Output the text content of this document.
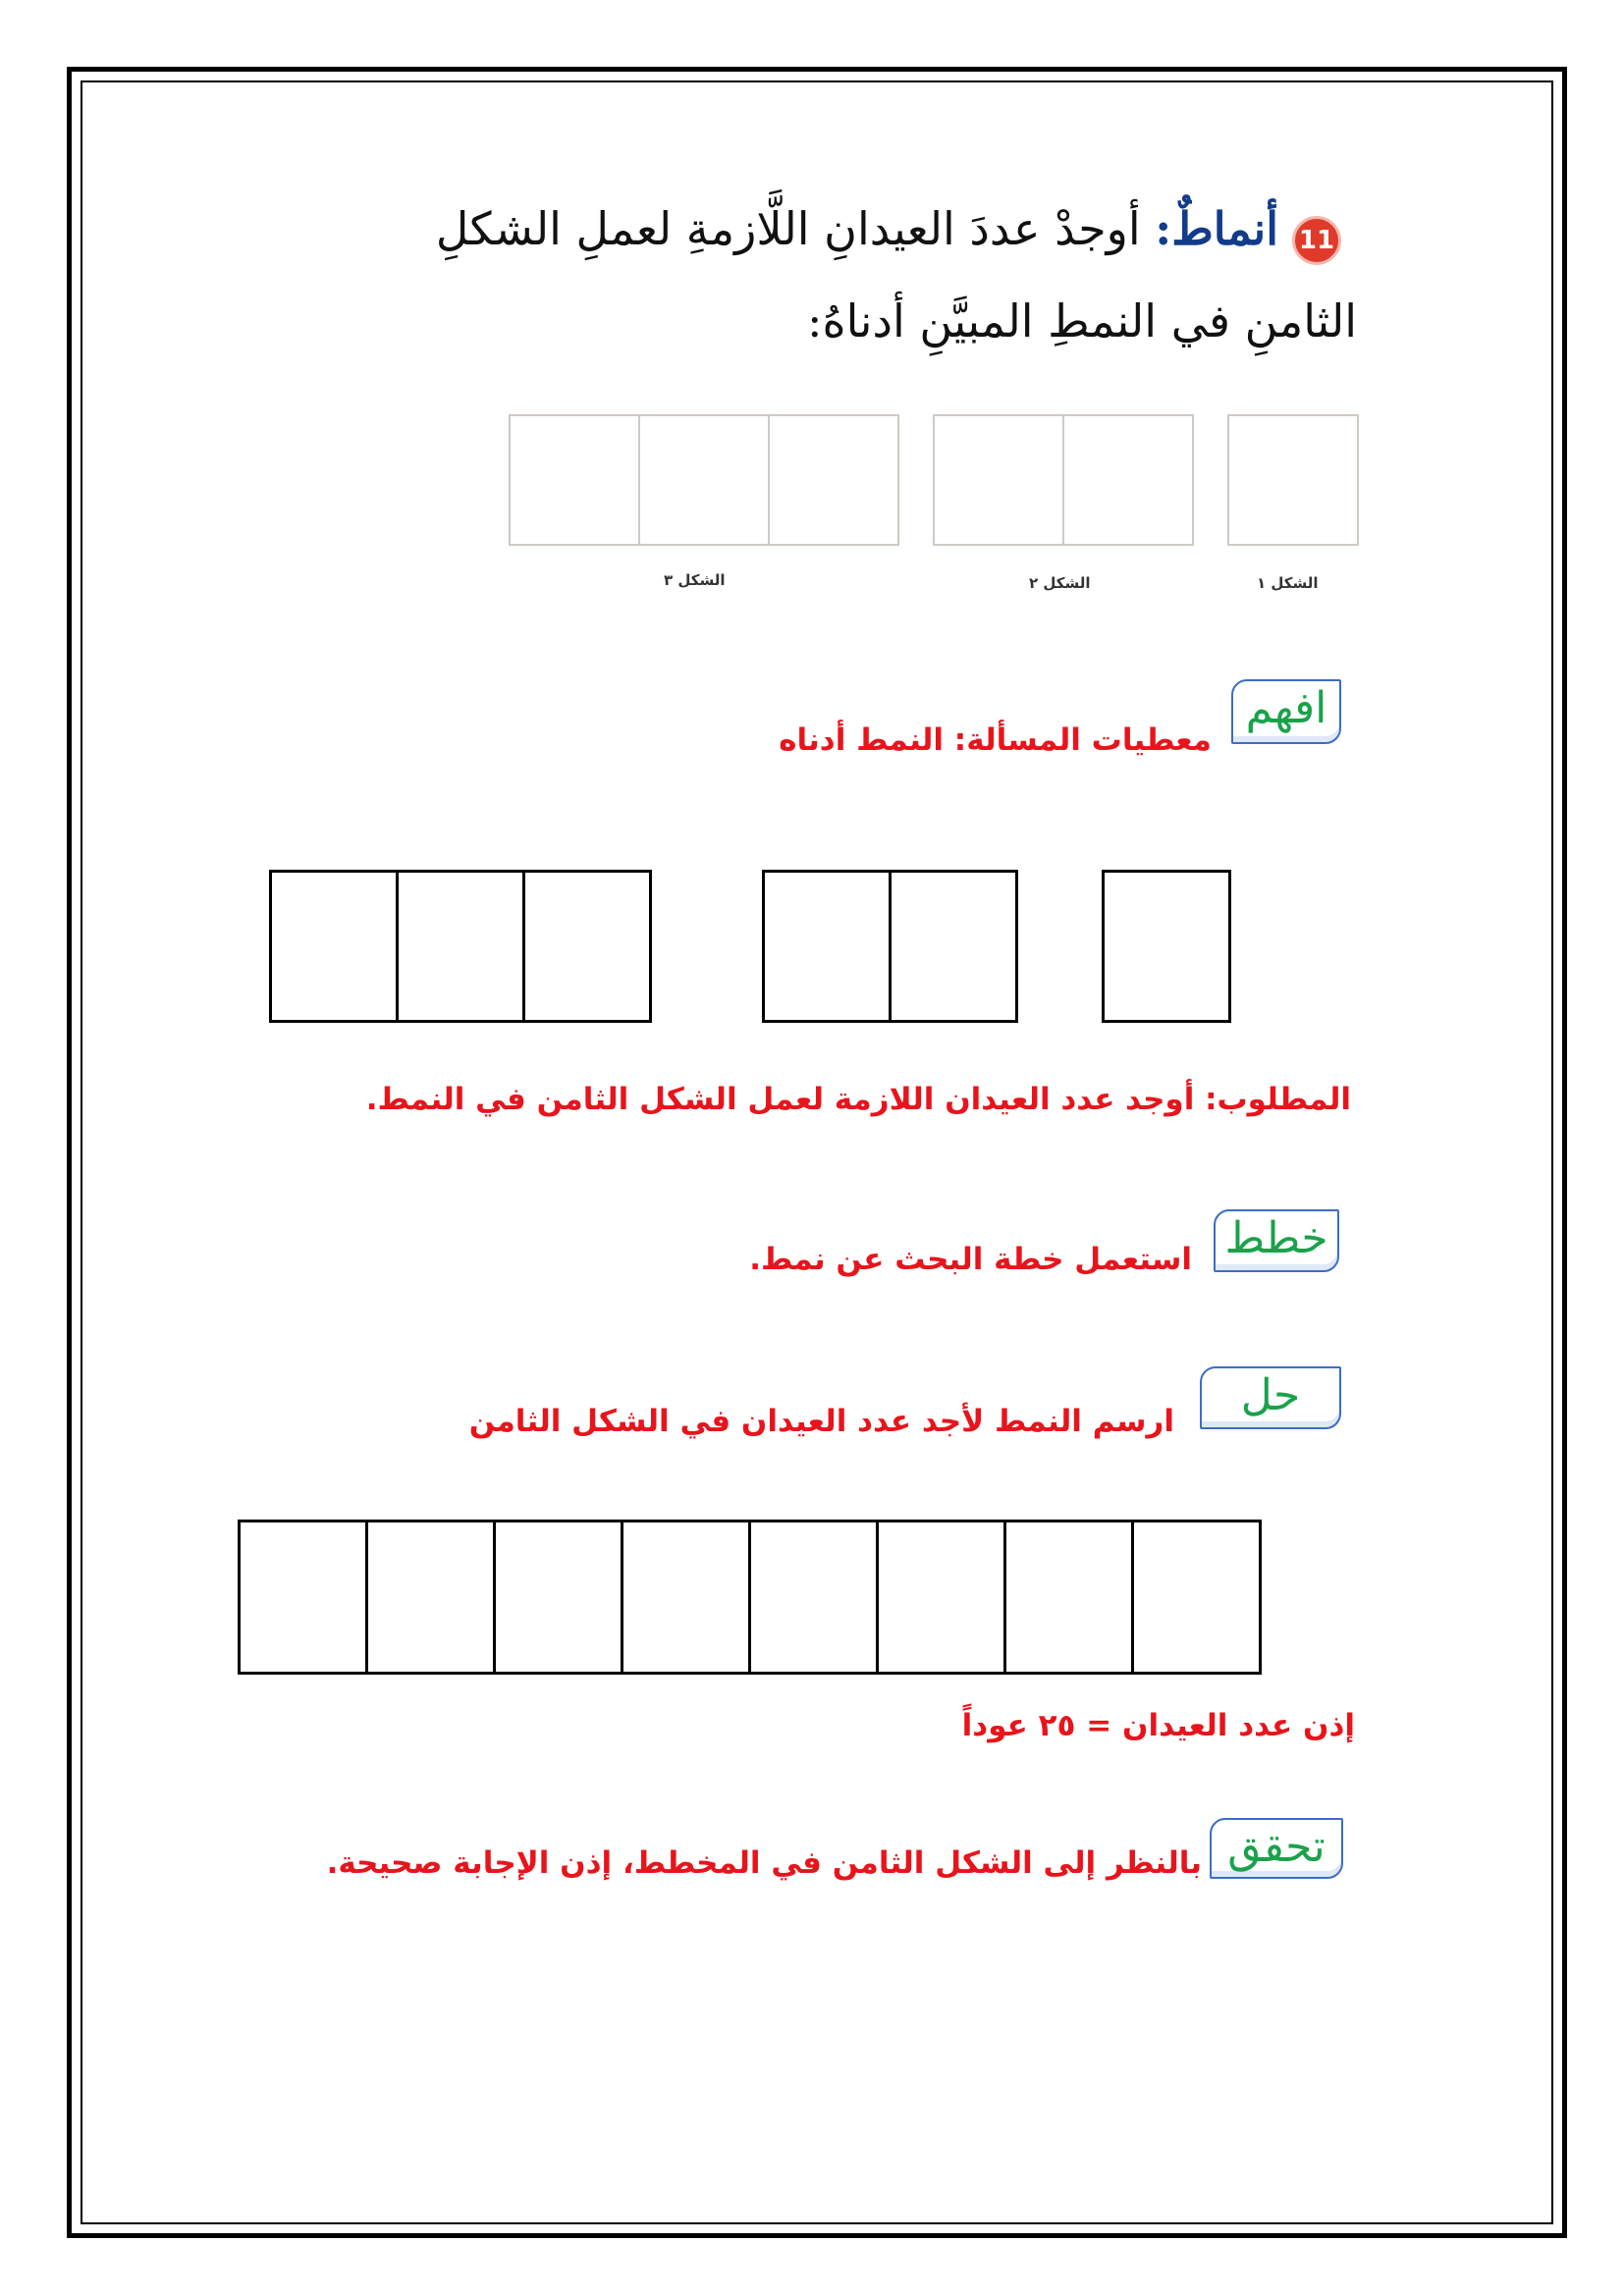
11
أنماطٌ: أوجدْ عددَ العيدانِ اللَّازمةِ لعملِ الشكلِ
الثامنِ في النمطِ المبيَّنِ أدناهُ:
الشكل ١
الشكل ٢
الشكل ٣
افهم
معطيات المسألة: النمط أدناه
المطلوب: أوجد عدد العيدان اللازمة لعمل الشكل الثامن في النمط.
خطط
استعمل خطة البحث عن نمط.
حل
ارسم النمط لأجد عدد العيدان في الشكل الثامن
إذن عدد العيدان = ٢٥ عوداً
تحقق
بالنظر إلى الشكل الثامن في المخطط، إذن الإجابة صحيحة.
